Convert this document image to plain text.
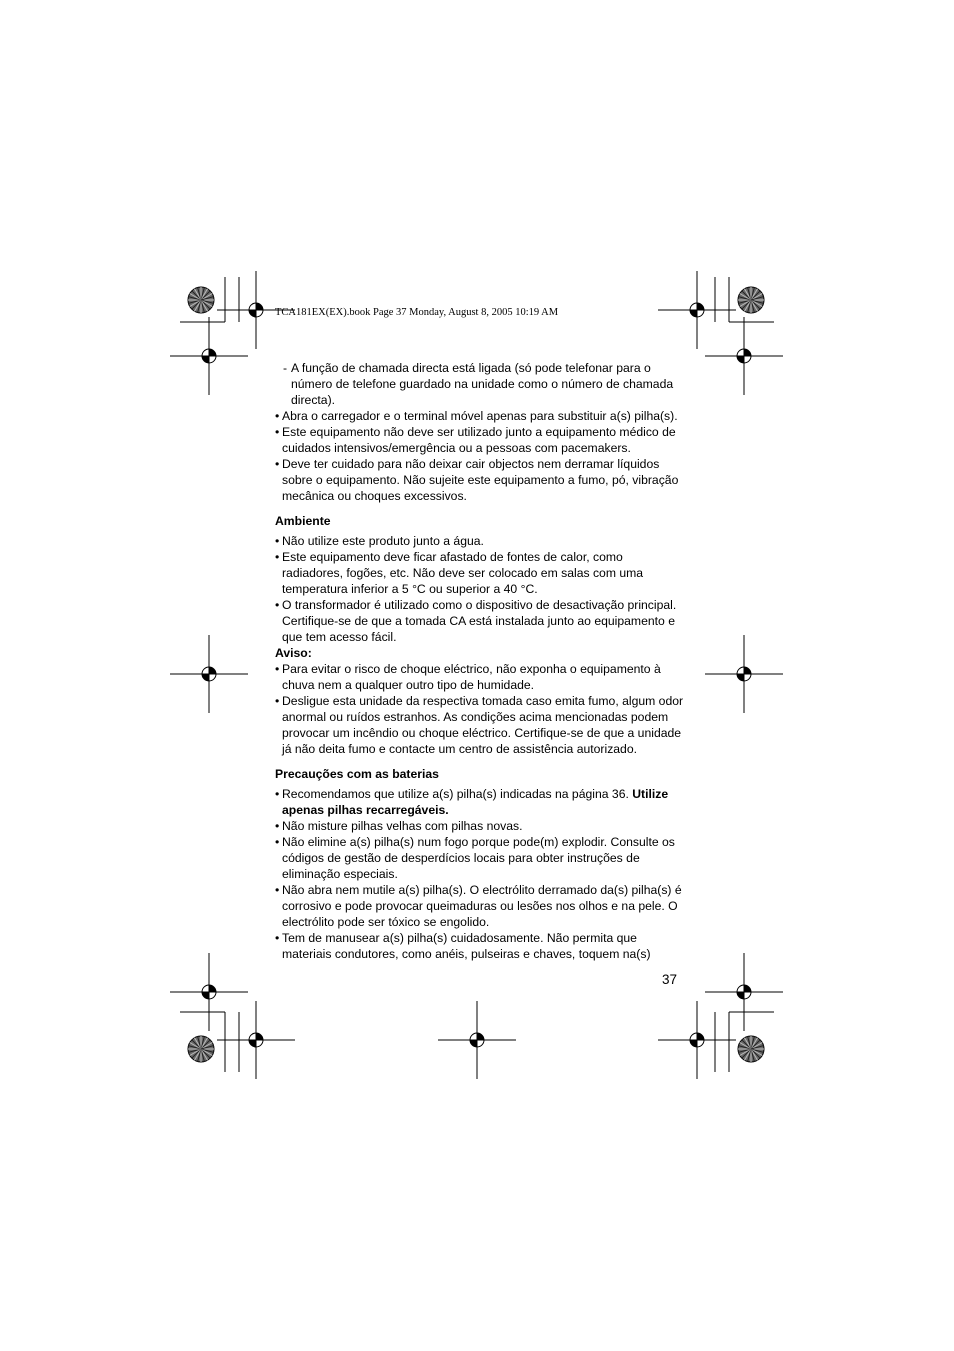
TCA181EX(EX).book Page 37 Monday, August 8, 2005 10:19 AM
- A função de chamada directa está ligada (só pode telefonar para o número de telefone guardado na unidade como o número de chamada directa).
• Abra o carregador e o terminal móvel apenas para substituir a(s) pilha(s).
• Este equipamento não deve ser utilizado junto a equipamento médico de cuidados intensivos/emergência ou a pessoas com pacemakers.
• Deve ter cuidado para não deixar cair objectos nem derramar líquidos sobre o equipamento. Não sujeite este equipamento a fumo, pó, vibração mecânica ou choques excessivos.
Ambiente
• Não utilize este produto junto a água.
• Este equipamento deve ficar afastado de fontes de calor, como radiadores, fogões, etc. Não deve ser colocado em salas com uma temperatura inferior a 5 °C ou superior a 40 °C.
• O transformador é utilizado como o dispositivo de desactivação principal. Certifique-se de que a tomada CA está instalada junto ao equipamento e que tem acesso fácil.
Aviso:
• Para evitar o risco de choque eléctrico, não exponha o equipamento à chuva nem a qualquer outro tipo de humidade.
• Desligue esta unidade da respectiva tomada caso emita fumo, algum odor anormal ou ruídos estranhos. As condições acima mencionadas podem provocar um incêndio ou choque eléctrico. Certifique-se de que a unidade já não deita fumo e contacte um centro de assistência autorizado.
Precauções com as baterias
• Recomendamos que utilize a(s) pilha(s) indicadas na página 36. Utilize apenas pilhas recarregáveis.
• Não misture pilhas velhas com pilhas novas.
• Não elimine a(s) pilha(s) num fogo porque pode(m) explodir. Consulte os códigos de gestão de desperdícios locais para obter instruções de eliminação especiais.
• Não abra nem mutile a(s) pilha(s). O electrólito derramado da(s) pilha(s) é corrosivo e pode provocar queimaduras ou lesões nos olhos e na pele. O electrólito pode ser tóxico se engolido.
• Tem de manusear a(s) pilha(s) cuidadosamente. Não permita que materiais condutores, como anéis, pulseiras e chaves, toquem na(s)
37
